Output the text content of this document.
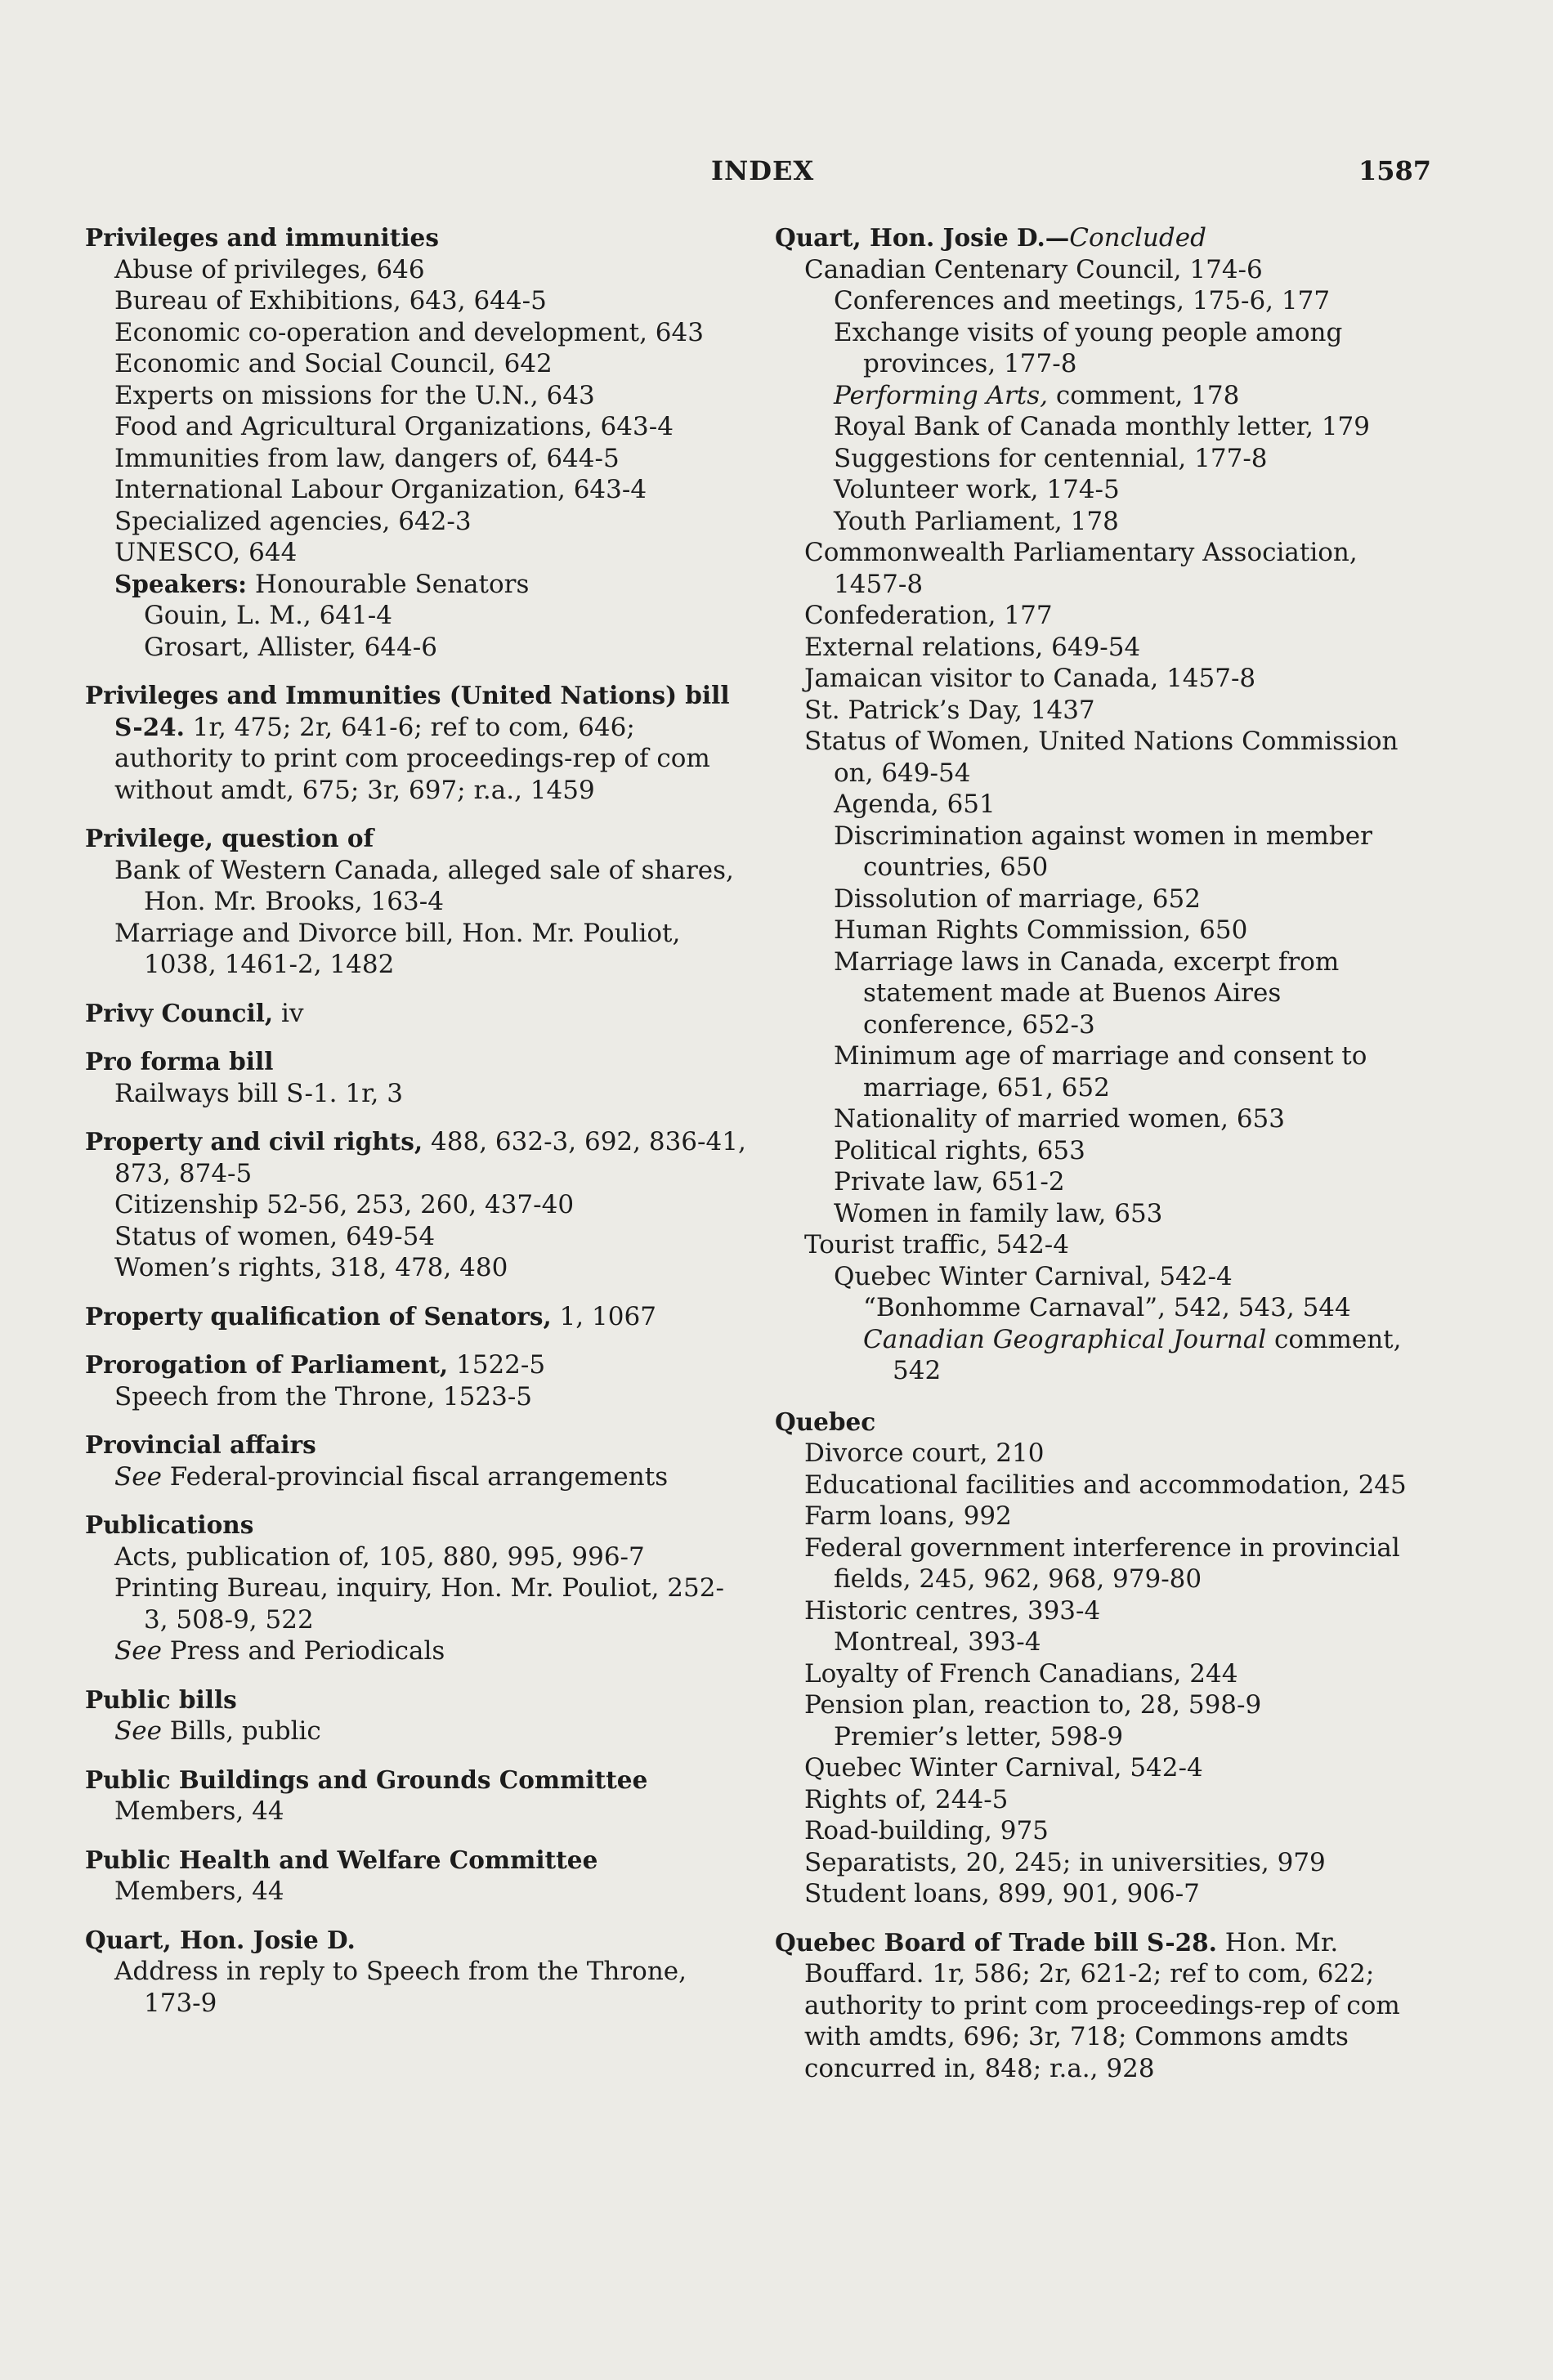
INDEX	1587
Privileges and immunities
Abuse of privileges, 646
Bureau of Exhibitions, 643, 644-5
Economic co-operation and development, 643
Economic and Social Council, 642
Experts on missions for the U.N., 643
Food and Agricultural Organizations, 643-4
Immunities from law, dangers of, 644-5
International Labour Organization, 643-4
Specialized agencies, 642-3
UNESCO, 644
Speakers: Honourable Senators
Gouin, L. M., 641-4
Grosart, Allister, 644-6
Privileges and Immunities (United Nations) bill S-24. 1r, 475; 2r, 641-6; ref to com, 646; authority to print com proceedings-rep of com without amdt, 675; 3r, 697; r.a., 1459
Privilege, question of
Bank of Western Canada, alleged sale of shares, Hon. Mr. Brooks, 163-4
Marriage and Divorce bill, Hon. Mr. Pouliot, 1038, 1461-2, 1482
Privy Council, iv
Pro forma bill
Railways bill S-1. 1r, 3
Property and civil rights, 488, 632-3, 692, 836-41, 873, 874-5
Citizenship 52-56, 253, 260, 437-40
Status of women, 649-54
Women’s rights, 318, 478, 480
Property qualification of Senators, 1, 1067
Prorogation of Parliament, 1522-5
Speech from the Throne, 1523-5
Provincial affairs
See Federal-provincial fiscal arrangements
Publications
Acts, publication of, 105, 880, 995, 996-7
Printing Bureau, inquiry, Hon. Mr. Pouliot, 252-3, 508-9, 522
See Press and Periodicals
Public bills
See Bills, public
Public Buildings and Grounds Committee
Members, 44
Public Health and Welfare Committee
Members, 44
Quart, Hon. Josie D.
Address in reply to Speech from the Throne, 173-9
Quart, Hon. Josie D.—Concluded
Canadian Centenary Council, 174-6
Conferences and meetings, 175-6, 177
Exchange visits of young people among provinces, 177-8
Performing Arts, comment, 178
Royal Bank of Canada monthly letter, 179
Suggestions for centennial, 177-8
Volunteer work, 174-5
Youth Parliament, 178
Commonwealth Parliamentary Association, 1457-8
Confederation, 177
External relations, 649-54
Jamaican visitor to Canada, 1457-8
St. Patrick’s Day, 1437
Status of Women, United Nations Commission on, 649-54
Agenda, 651
Discrimination against women in member countries, 650
Dissolution of marriage, 652
Human Rights Commission, 650
Marriage laws in Canada, excerpt from statement made at Buenos Aires conference, 652-3
Minimum age of marriage and consent to marriage, 651, 652
Nationality of married women, 653
Political rights, 653
Private law, 651-2
Women in family law, 653
Tourist traffic, 542-4
Quebec Winter Carnival, 542-4
“Bonhomme Carnaval”, 542, 543, 544
Canadian Geographical Journal comment, 542
Quebec
Divorce court, 210
Educational facilities and accommodation, 245
Farm loans, 992
Federal government interference in provincial fields, 245, 962, 968, 979-80
Historic centres, 393-4
Montreal, 393-4
Loyalty of French Canadians, 244
Pension plan, reaction to, 28, 598-9
Premier’s letter, 598-9
Quebec Winter Carnival, 542-4
Rights of, 244-5
Road-building, 975
Separatists, 20, 245; in universities, 979
Student loans, 899, 901, 906-7
Quebec Board of Trade bill S-28. Hon. Mr. Bouffard. 1r, 586; 2r, 621-2; ref to com, 622; authority to print com proceedings-rep of com with amdts, 696; 3r, 718; Commons amdts concurred in, 848; r.a., 928
